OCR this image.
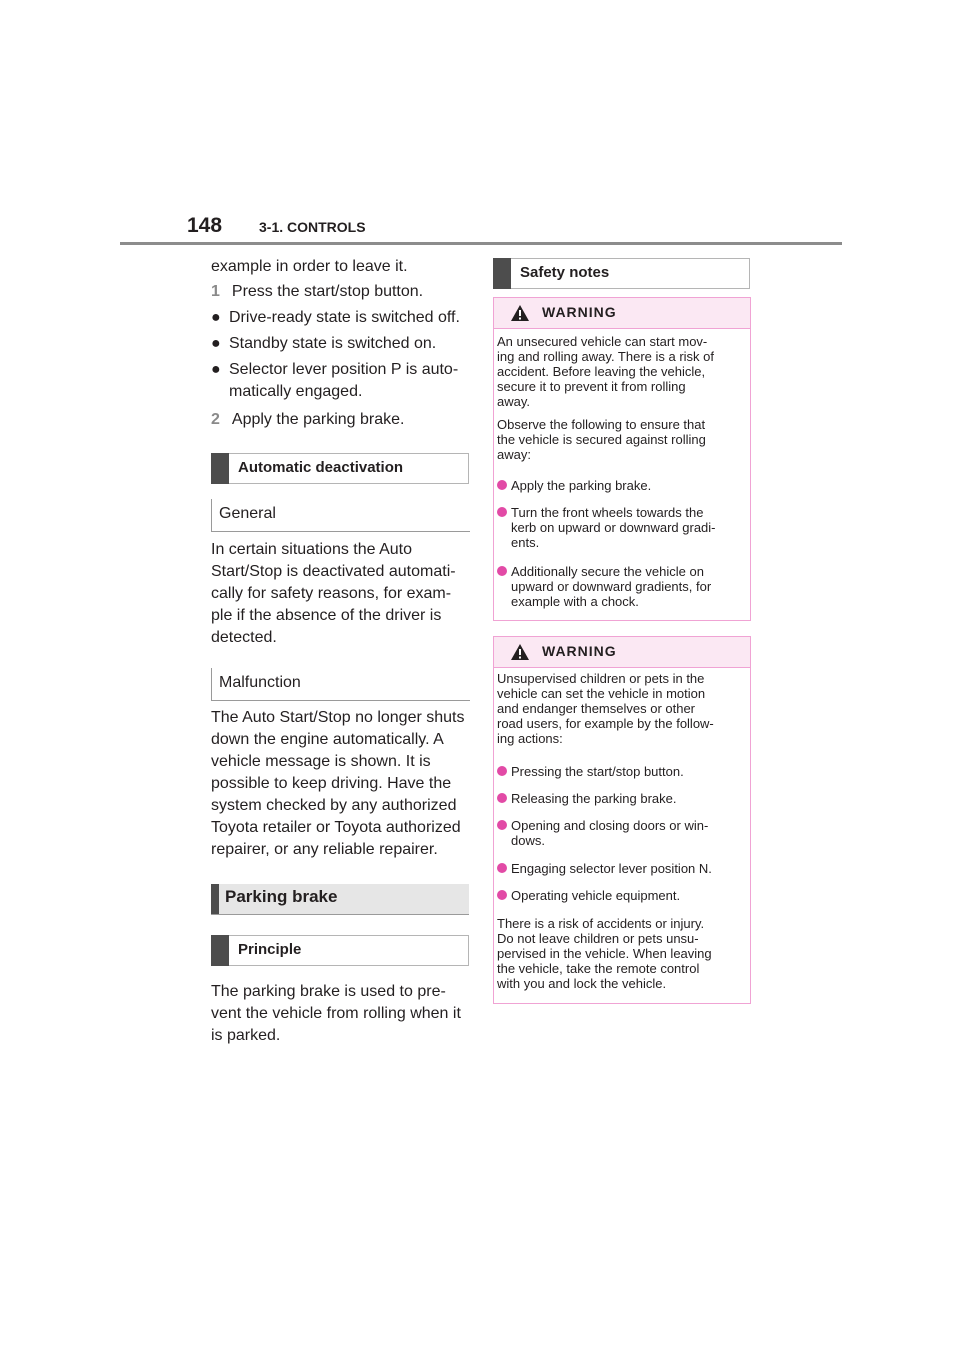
148	3-1. CONTROLS
example in order to leave it.
1 Press the start/stop button.
● Drive-ready state is switched off.
● Standby state is switched on.
● Selector lever position P is auto-
matically engaged.
2 Apply the parking brake.
Automatic deactivation
General
In certain situations the Auto
Start/Stop is deactivated automati-
cally for safety reasons, for exam-
ple if the absence of the driver is
detected.
Malfunction
The Auto Start/Stop no longer shuts
down the engine automatically. A
vehicle message is shown. It is
possible to keep driving. Have the
system checked by any authorized
Toyota retailer or Toyota authorized
repairer, or any reliable repairer.
Parking brake
Principle
The parking brake is used to pre-
vent the vehicle from rolling when it
is parked.
Safety notes
WARNING
An unsecured vehicle can start mov-
ing and rolling away. There is a risk of
accident. Before leaving the vehicle,
secure it to prevent it from rolling
away.
Observe the following to ensure that
the vehicle is secured against rolling
away:
Apply the parking brake.
Turn the front wheels towards the
kerb on upward or downward gradi-
ents.
Additionally secure the vehicle on
upward or downward gradients, for
example with a chock.
WARNING
Unsupervised children or pets in the
vehicle can set the vehicle in motion
and endanger themselves or other
road users, for example by the follow-
ing actions:
Pressing the start/stop button.
Releasing the parking brake.
Opening and closing doors or win-
dows.
Engaging selector lever position N.
Operating vehicle equipment.
There is a risk of accidents or injury.
Do not leave children or pets unsu-
pervised in the vehicle. When leaving
the vehicle, take the remote control
with you and lock the vehicle.
